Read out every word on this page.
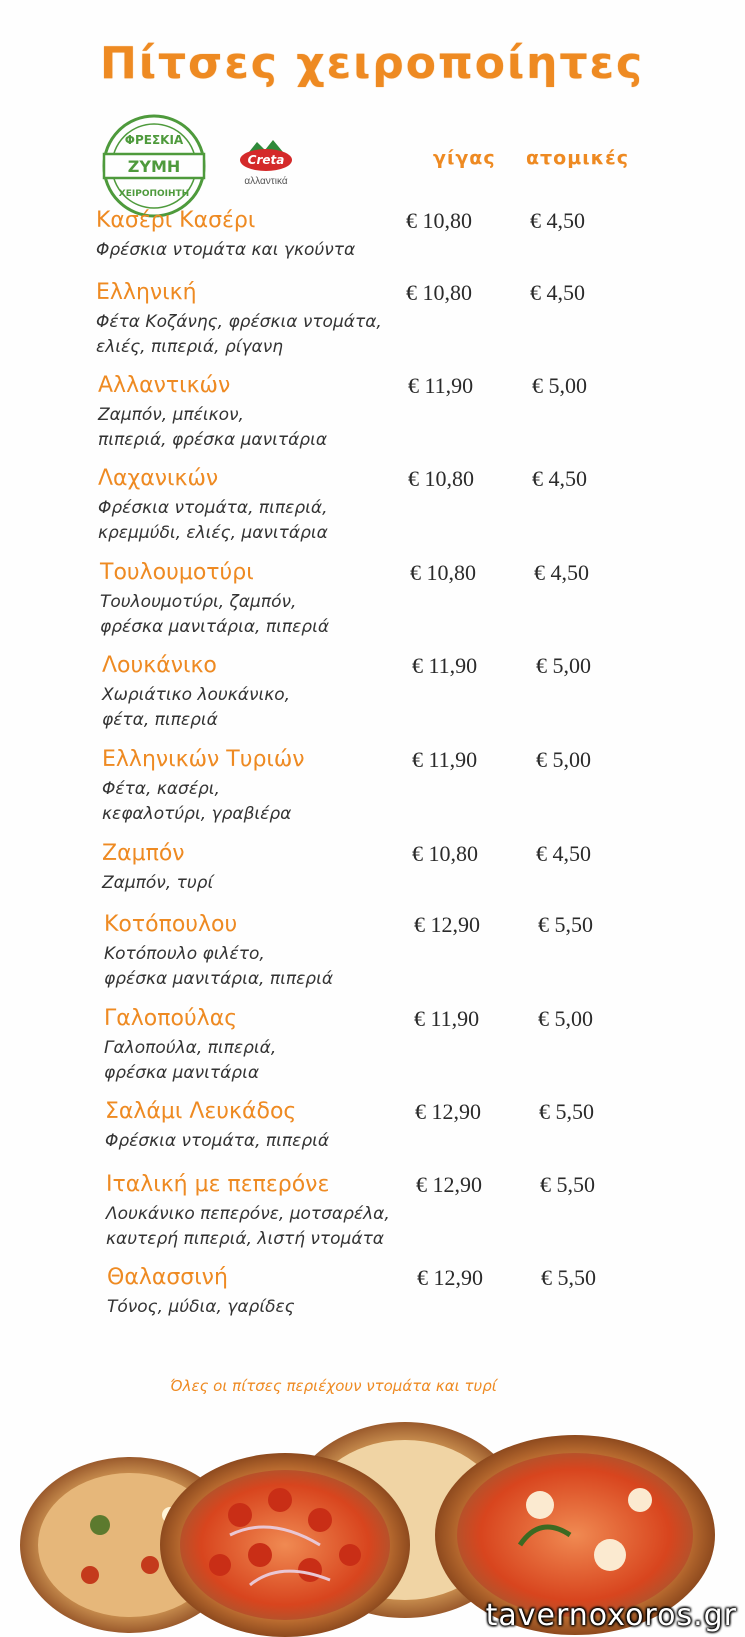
Πίτσες χειροποίητες
ΦΡΕΣΚΙΑ
ΖΥΜΗ
ΧΕΙΡΟΠΟΙΗΤΗ
Creta
αλλαντικά
γίγας ατομικές
Κασέρι Κασέρι
Φρέσκια ντομάτα και γκούντα
€ 10,80	€ 4,50
Ελληνική
Φέτα Κοζάνης, φρέσκια ντομάτα,
ελιές, πιπεριά, ρίγανη
€ 10,80	€ 4,50
Αλλαντικών
Ζαμπόν, μπέικον,
πιπεριά, φρέσκα μανιτάρια
€ 11,90	€ 5,00
Λαχανικών
Φρέσκια ντομάτα, πιπεριά,
κρεμμύδι, ελιές, μανιτάρια
€ 10,80	€ 4,50
Τουλουμοτύρι
Τουλουμοτύρι, ζαμπόν,
φρέσκα μανιτάρια, πιπεριά
€ 10,80	€ 4,50
Λουκάνικο
Χωριάτικο λουκάνικο,
φέτα, πιπεριά
€ 11,90	€ 5,00
Ελληνικών Τυριών
Φέτα, κασέρι,
κεφαλοτύρι, γραβιέρα
€ 11,90	€ 5,00
Ζαμπόν
Ζαμπόν, τυρί
€ 10,80	€ 4,50
Κοτόπουλου
Κοτόπουλο φιλέτο,
φρέσκα μανιτάρια, πιπεριά
€ 12,90	€ 5,50
Γαλοπούλας
Γαλοπούλα, πιπεριά,
φρέσκα μανιτάρια
€ 11,90	€ 5,00
Σαλάμι Λευκάδος
Φρέσκια ντομάτα, πιπεριά
€ 12,90	€ 5,50
Ιταλική με πεπερόνε
Λουκάνικο πεπερόνε, μοτσαρέλα,
καυτερή πιπεριά, λιστή ντομάτα
€ 12,90	€ 5,50
Θαλασσινή
Τόνος, μύδια, γαρίδες
€ 12,90	€ 5,50
Όλες οι πίτσες περιέχουν ντομάτα και τυρί
tavernoxoros.gr
